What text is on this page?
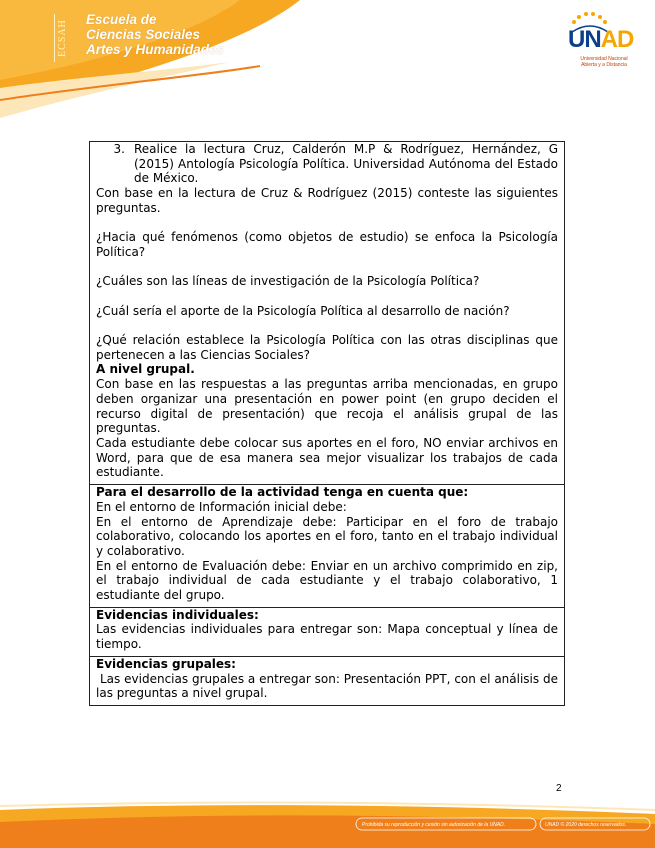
ECSAH Escuela de
Ciencias Sociales
Artes y Humanidades	UNAD
Universidad Nacional
Abierta y a Distancia
3. Realice la lectura Cruz, Calderón M.P & Rodríguez, Hernández, G (2015) Antología Psicología Política. Universidad Autónoma del Estado de México.

Con base en la lectura de Cruz & Rodríguez (2015) conteste las siguientes preguntas.

¿Hacia qué fenómenos (como objetos de estudio) se enfoca la Psicología Política?

¿Cuáles son las líneas de investigación de la Psicología Política?

¿Cuál sería el aporte de la Psicología Política al desarrollo de nación?

¿Qué relación establece la Psicología Política con las otras disciplinas que pertenecen a las Ciencias Sociales?

A nivel grupal.

Con base en las respuestas a las preguntas arriba mencionadas, en grupo deben organizar una presentación en power point (en grupo deciden el recurso digital de presentación) que recoja el análisis grupal de las preguntas.

Cada estudiante debe colocar sus aportes en el foro, NO enviar archivos en Word, para que de esa manera sea mejor visualizar los trabajos de cada estudiante.

Para el desarrollo de la actividad tenga en cuenta que:

En el entorno de Información inicial debe:

En el entorno de Aprendizaje debe: Participar en el foro de trabajo colaborativo, colocando los aportes en el foro, tanto en el trabajo individual y colaborativo.

En el entorno de Evaluación debe: Enviar en un archivo comprimido en zip, el trabajo individual de cada estudiante y el trabajo colaborativo, 1 estudiante del grupo.

Evidencias individuales:

Las evidencias individuales para entregar son: Mapa conceptual y línea de tiempo.

Evidencias grupales:

Las evidencias grupales a entregar son: Presentación PPT, con el análisis de las preguntas a nivel grupal.

2
Prohibida su reproducción y cesión sin autorización de la UNAD.	UNAD © 2020 derechos reservados.
